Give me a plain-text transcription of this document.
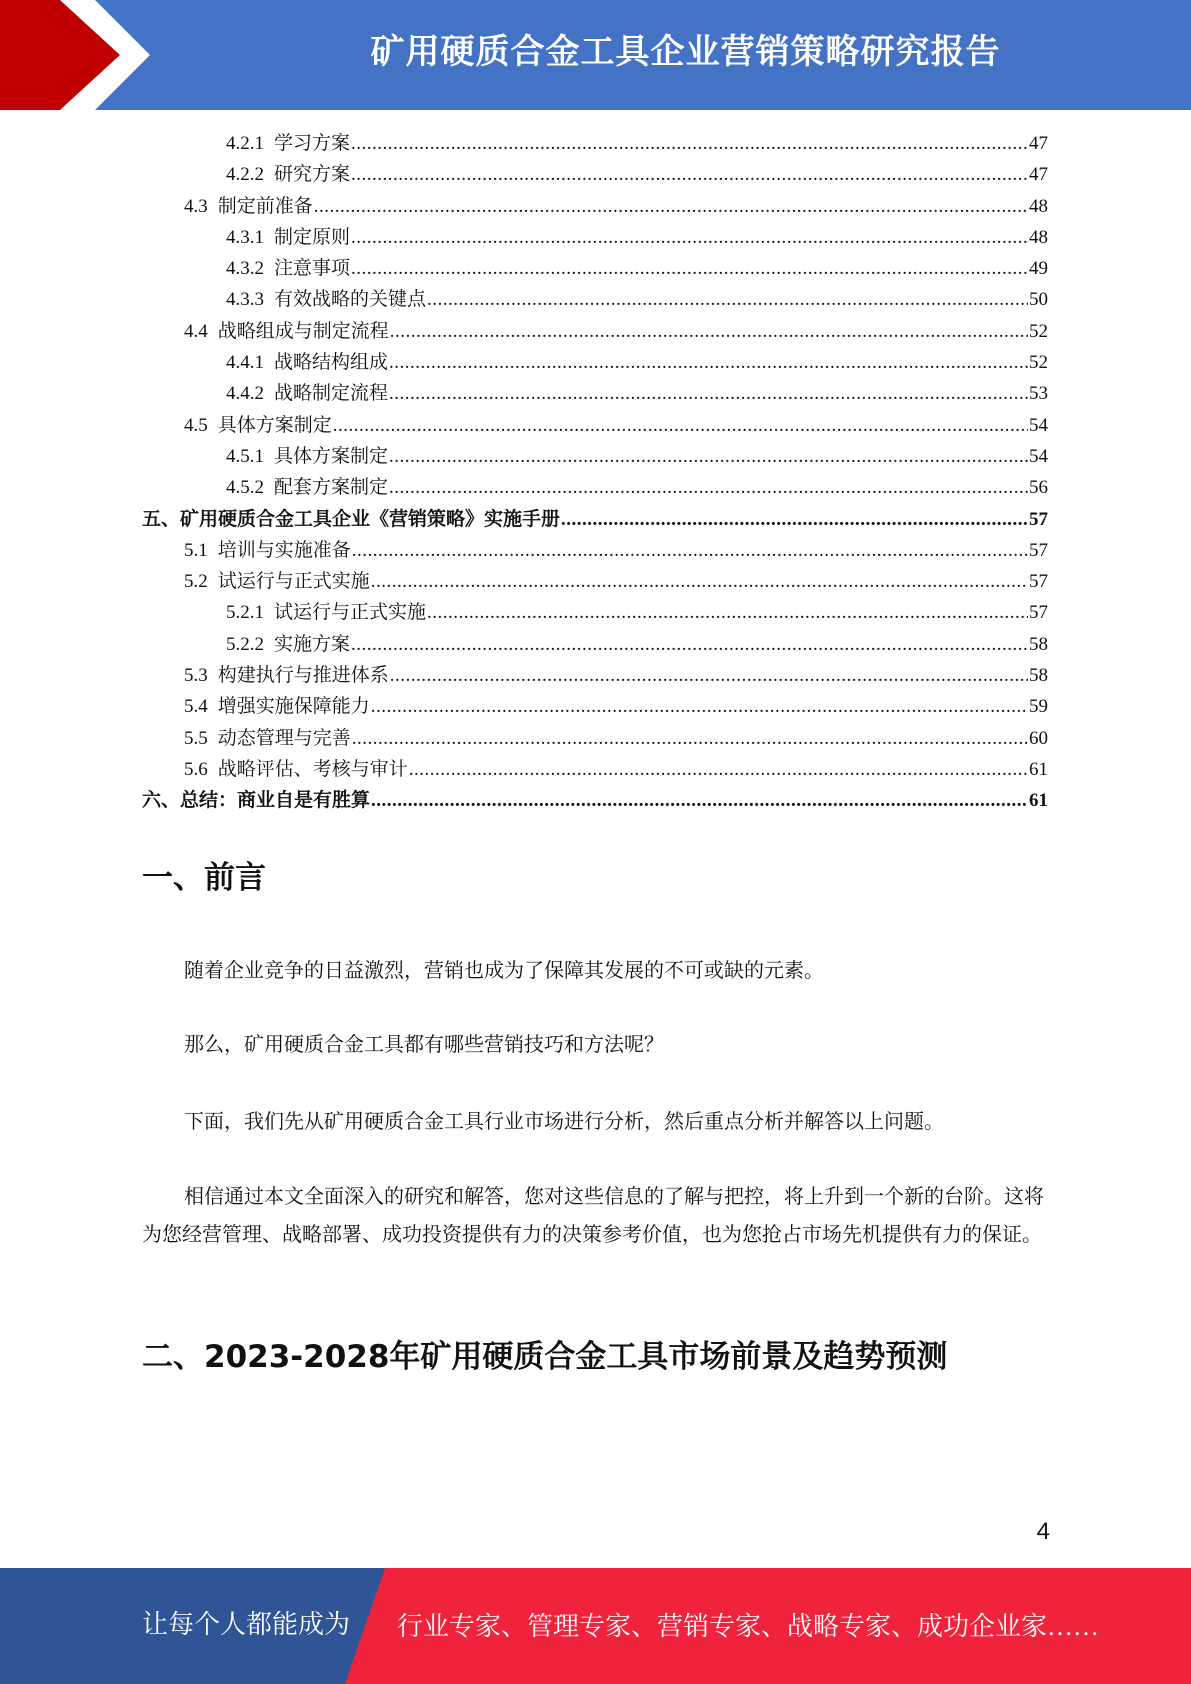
矿用硬质合金工具企业营销策略研究报告
4.2.1 学习方案 .....	47
4.2.2 研究方案 .....	47
4.3 制定前准备 .....	48
4.3.1 制定原则 .....	48
4.3.2 注意事项 .....	49
4.3.3 有效战略的关键点 .....	50
4.4 战略组成与制定流程 .....	52
4.4.1 战略结构组成 .....	52
4.4.2 战略制定流程 .....	53
4.5 具体方案制定 .....	54
4.5.1 具体方案制定 .....	54
4.5.2 配套方案制定 .....	56
五、矿用硬质合金工具企业《营销策略》实施手册 .....	57
5.1 培训与实施准备 .....	57
5.2 试运行与正式实施 .....	57
5.2.1 试运行与正式实施 .....	57
5.2.2 实施方案 .....	58
5.3 构建执行与推进体系 .....	58
5.4 增强实施保障能力 .....	59
5.5 动态管理与完善 .....	60
5.6 战略评估、考核与审计 .....	61
六、总结：商业自是有胜算 .....	61
一、前言
随着企业竞争的日益激烈，营销也成为了保障其发展的不可或缺的元素。
那么，矿用硬质合金工具都有哪些营销技巧和方法呢？
下面，我们先从矿用硬质合金工具行业市场进行分析，然后重点分析并解答以上问题。
相信通过本文全面深入的研究和解答，您对这些信息的了解与把控，将上升到一个新的台阶。这将为您经营管理、战略部署、成功投资提供有力的决策参考价值，也为您抢占市场先机提供有力的保证。
二、2023-2028年矿用硬质合金工具市场前景及趋势预测
4
让每个人都能成为 行业专家、管理专家、营销专家、战略专家、成功企业家……
